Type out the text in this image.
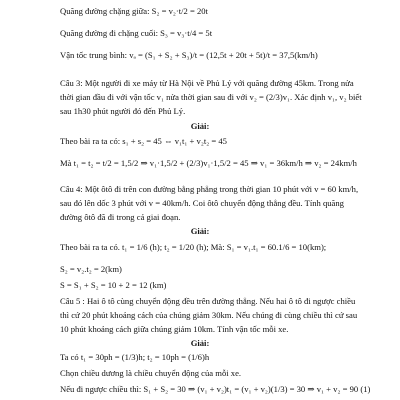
Quãng đường chặng giữa: S₂ = v₂·t/2 = 20t
Quãng đường đi chặng cuối: S₃ = v₃·t/4 = 5t
Vận tốc trung bình: vₐ = (S₁ + S₂ + S₃)/t = (12,5t + 20t + 5t)/t = 37,5(km/h)
Câu 3: Một người đi xe máy từ Hà Nội về Phủ Lý với quãng đường 45km. Trong nửa
thời gian đầu đi với vận tốc v₁ nửa thời gian sau đi với v₂ = (2/3)v₁. Xác định v₁, v₂ biết
sau 1h30 phút người đó đến Phủ Lý.
Giải:
Theo bài ra ta có: s₁ + s₂ = 45 ⇔ v₁t₁ + v₂t₂ = 45
Mà t₁ = t₂ = t/2 = 1,5/2 ⇒ v₁·1,5/2 + (2/3)v₁·1,5/2 = 45 ⇒ v₁ = 36km/h ⇒ v₂ = 24km/h
Câu 4: Một ôtô đi trên con đường bằng phẳng trong thời gian 10 phút với v = 60 km/h,
sau đó lên dốc 3 phút với v = 40km/h. Coi ôtô chuyển động thẳng đều. Tính quãng
đường ôtô đã đi trong cả giai đoạn.
Giải:
Theo bài ra ta có. t₁ = 1/6 (h); t₂ = 1/20 (h); Mà: S₁ = v₁.t₁ = 60.1/6 = 10(km);
S₂ = v₂.t₂ = 2(km)
S = S₁ + S₂ = 10 + 2 = 12 (km)
Câu 5 : Hai ô tô cùng chuyển động đều trên đường thẳng. Nếu hai ô tô đi ngược chiều
thì cứ 20 phút khoảng cách của chúng giảm 30km. Nếu chúng đi cùng chiều thì cứ sau
10 phút khoảng cách giữa chúng giảm 10km. Tính vận tốc mỗi xe.
Giải:
Ta có t₁ = 30ph = (1/3)h; t₂ = 10ph = (1/6)h
Chọn chiều dương là chiều chuyển động của mỗi xe.
Nếu đi ngược chiều thì: S₁ + S₂ = 30 ⇒ (v₁ + v₂)t₁ = (v₁ + v₂)(1/3) = 30 ⇒ v₁ + v₂ = 90 (1)
